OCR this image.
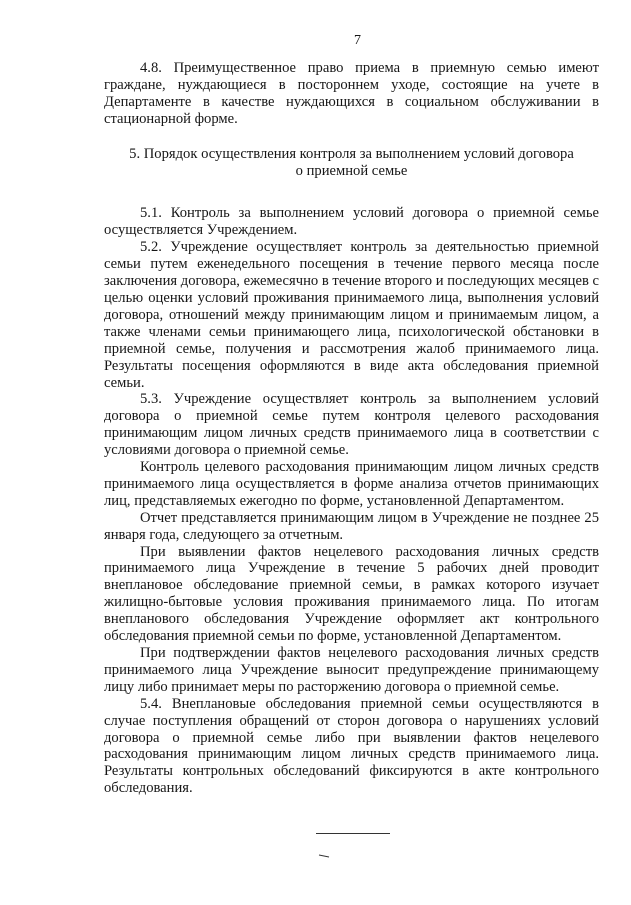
7

4.8. Преимущественное право приема в приемную семью имеют граждане, нуждающиеся в постороннем уходе, состоящие на учете в Департаменте в качестве нуждающихся в социальном обслуживании в стационарной форме.

5. Порядок осуществления контроля за выполнением условий договора
о приемной семье

5.1. Контроль за выполнением условий договора о приемной семье осуществляется Учреждением.

5.2. Учреждение осуществляет контроль за деятельностью приемной семьи путем еженедельного посещения в течение первого месяца после заключения договора, ежемесячно в течение второго и последующих месяцев с целью оценки условий проживания принимаемого лица, выполнения условий договора, отношений между принимающим лицом и принимаемым лицом, а также членами семьи принимающего лица, психологической обстановки в приемной семье, получения и рассмотрения жалоб принимаемого лица. Результаты посещения оформляются в виде акта обследования приемной семьи.

5.3. Учреждение осуществляет контроль за выполнением условий договора о приемной семье путем контроля целевого расходования принимающим лицом личных средств принимаемого лица в соответствии с условиями договора о приемной семье.

Контроль целевого расходования принимающим лицом личных средств принимаемого лица осуществляется в форме анализа отчетов принимающих лиц, представляемых ежегодно по форме, установленной Департаментом.

Отчет представляется принимающим лицом в Учреждение не позднее 25 января года, следующего за отчетным.

При выявлении фактов нецелевого расходования личных средств принимаемого лица Учреждение в течение 5 рабочих дней проводит внеплановое обследование приемной семьи, в рамках которого изучает жилищно-бытовые условия проживания принимаемого лица. По итогам внепланового обследования Учреждение оформляет акт контрольного обследования приемной семьи по форме, установленной Департаментом.

При подтверждении фактов нецелевого расходования личных средств принимаемого лица Учреждение выносит предупреждение принимающему лицу либо принимает меры по расторжению договора о приемной семье.

5.4. Внеплановые обследования приемной семьи осуществляются в случае поступления обращений от сторон договора о нарушениях условий договора о приемной семье либо при выявлении фактов нецелевого расходования принимающим лицом личных средств принимаемого лица. Результаты контрольных обследований фиксируются в акте контрольного обследования.
